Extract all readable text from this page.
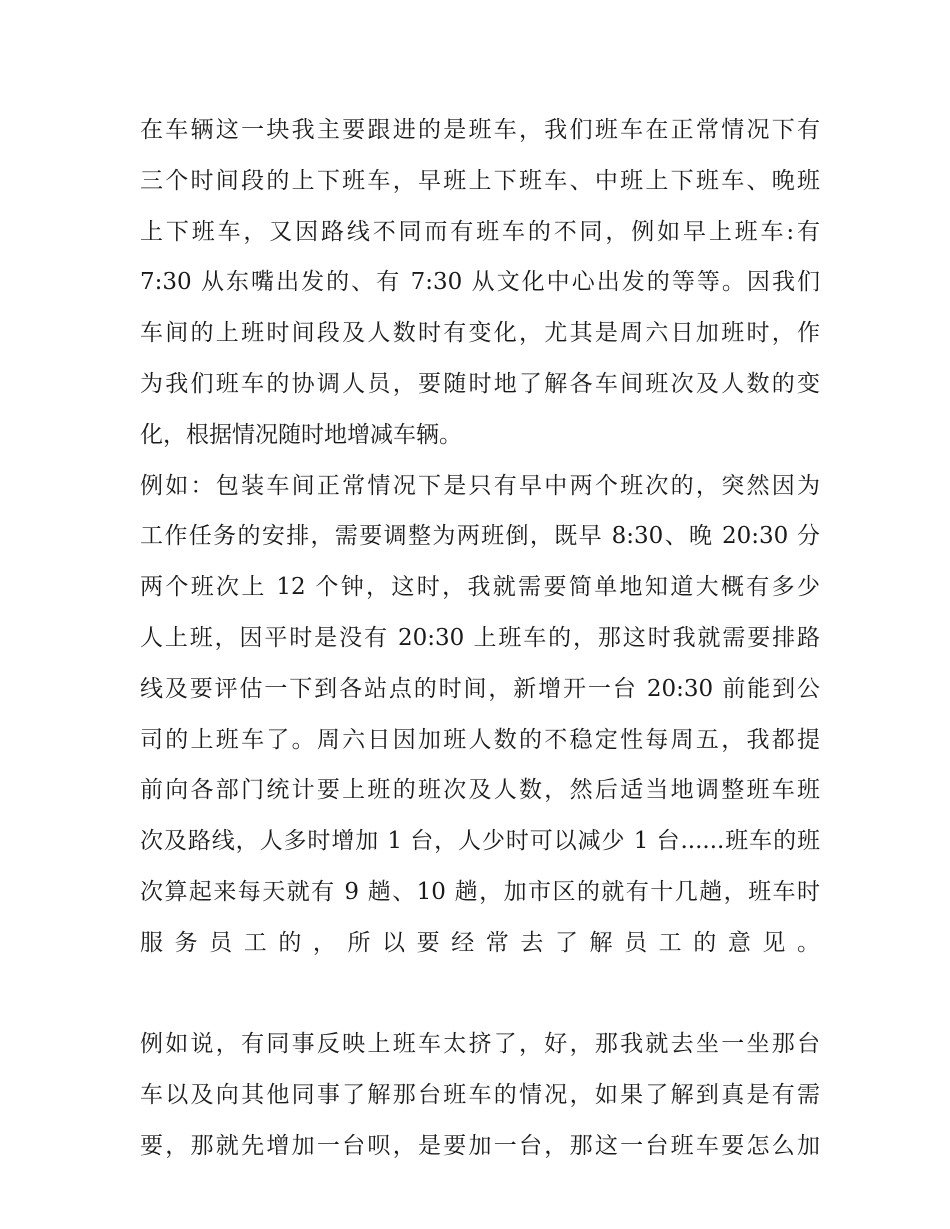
在车辆这一块我主要跟进的是班车，我们班车在正常情况下有
三个时间段的上下班车，早班上下班车、中班上下班车、晚班
上下班车，又因路线不同而有班车的不同，例如早上班车:有
7:30 从东嘴出发的、有 7:30 从文化中心出发的等等。因我们
车间的上班时间段及人数时有变化，尤其是周六日加班时，作
为我们班车的协调人员，要随时地了解各车间班次及人数的变
化，根据情况随时地增减车辆。
例如：包装车间正常情况下是只有早中两个班次的，突然因为
工作任务的安排，需要调整为两班倒，既早 8:30、晚 20:30 分
两个班次上 12 个钟，这时，我就需要简单地知道大概有多少
人上班，因平时是没有 20:30 上班车的，那这时我就需要排路
线及要评估一下到各站点的时间，新增开一台 20:30 前能到公
司的上班车了。周六日因加班人数的不稳定性每周五，我都提
前向各部门统计要上班的班次及人数，然后适当地调整班车班
次及路线，人多时增加 1 台，人少时可以减少 1 台......班车的班
次算起来每天就有 9 趟、10 趟，加市区的就有十几趟，班车时
服务员工的，所以要经常去了解员工的意见。
例如说，有同事反映上班车太挤了，好，那我就去坐一坐那台
车以及向其他同事了解那台班车的情况，如果了解到真是有需
要，那就先增加一台呗，是要加一台，那这一台班车要怎么加
